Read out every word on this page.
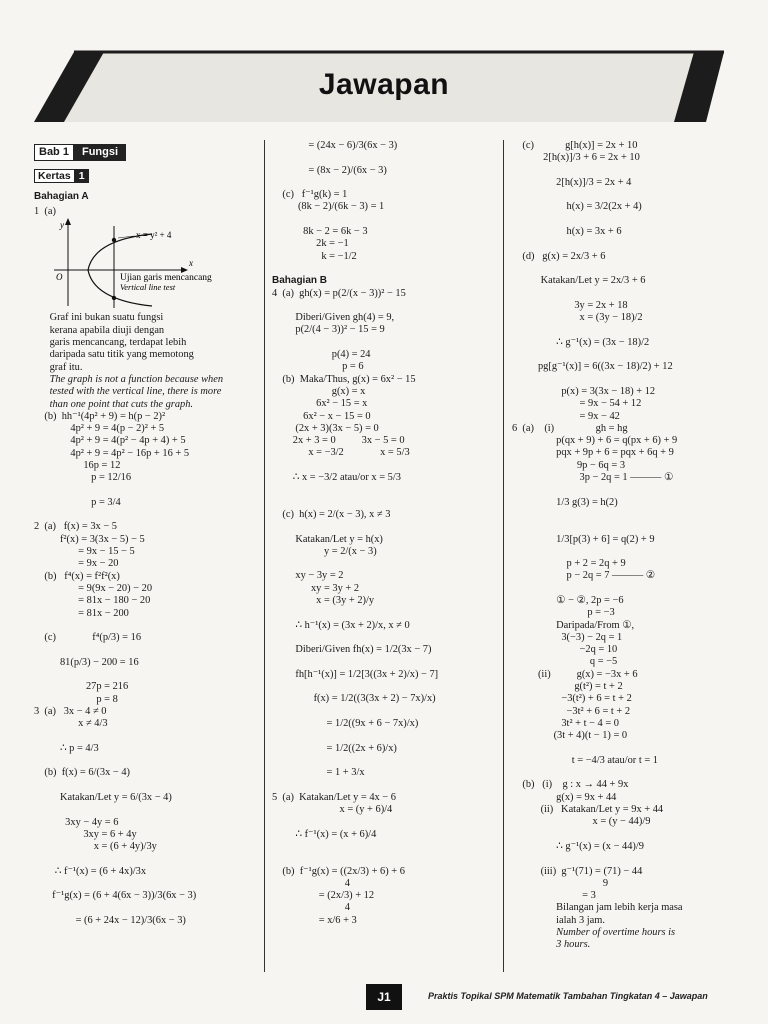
Jawapan
Bab 1	Fungsi
Kertas 1
Bahagian A
1  (a)
y
x
O
x = y² + 4
Ujian garis mencancang
Vertical line test
Graf ini bukan suatu fungsi
kerana apabila diuji dengan
garis mencancang, terdapat lebih
daripada satu titik yang memotong
graf itu.
The graph is not a function because when
tested with the vertical line, there is more
than one point that cuts the graph.
(b)  hh⁻¹(4p² + 9) = h(p − 2)²
4p² + 9 = 4(p − 2)² + 5
4p² + 9 = 4(p² − 4p + 4) + 5
4p² + 9 = 4p² − 16p + 16 + 5
16p = 12
p = 12/16
p = 3/4
2  (a)   f(x) = 3x − 5
f²(x) = 3(3x − 5) − 5
= 9x − 15 − 5
= 9x − 20
(b)   f⁴(x) = f²f²(x)
= 9(9x − 20) − 20
= 81x − 180 − 20
= 81x − 200
(c)              f⁴(p/3) = 16
81(p/3) − 200 = 16
27p = 216
p = 8
3  (a)   3x − 4 ≠ 0
x ≠ 4/3
∴ p = 4/3
(b)  f(x) = 6/(3x − 4)
Katakan/Let y = 6/(3x − 4)
3xy − 4y = 6
3xy = 6 + 4y
x = (6 + 4y)/3y
∴ f⁻¹(x) = (6 + 4x)/3x
f⁻¹g(x) = (6 + 4(6x − 3))/3(6x − 3)
= (6 + 24x − 12)/3(6x − 3)
= (24x − 6)/3(6x − 3)
= (8x − 2)/(6x − 3)
(c)   f⁻¹g(k) = 1
(8k − 2)/(6k − 3) = 1
8k − 2 = 6k − 3
2k = −1
k = −1/2
Bahagian B
4  (a)  gh(x) = p(2/(x − 3))² − 15
Diberi/Given gh(4) = 9,
p(2/(4 − 3))² − 15 = 9
p(4) = 24
p = 6
(b)  Maka/Thus, g(x) = 6x² − 15
g(x) = x
6x² − 15 = x
6x² − x − 15 = 0
(2x + 3)(3x − 5) = 0
2x + 3 = 0          3x − 5 = 0
x = −3/2              x = 5/3
∴ x = −3/2 atau/or x = 5/3
(c)  h(x) = 2/(x − 3), x ≠ 3
Katakan/Let y = h(x)
y = 2/(x − 3)
xy − 3y = 2
xy = 3y + 2
x = (3y + 2)/y
∴ h⁻¹(x) = (3x + 2)/x, x ≠ 0
Diberi/Given fh(x) = 1/2(3x − 7)
fh[h⁻¹(x)] = 1/2[3((3x + 2)/x) − 7]
f(x) = 1/2((3(3x + 2) − 7x)/x)
= 1/2((9x + 6 − 7x)/x)
= 1/2((2x + 6)/x)
= 1 + 3/x
5  (a)  Katakan/Let y = 4x − 6
x = (y + 6)/4
∴ f⁻¹(x) = (x + 6)/4
(b)  f⁻¹g(x) = ((2x/3) + 6) + 6
4
= (2x/3) + 12
4
= x/6 + 3
(c)            g[h(x)] = 2x + 10
2[h(x)]/3 + 6 = 2x + 10
2[h(x)]/3 = 2x + 4
h(x) = 3/2(2x + 4)
h(x) = 3x + 6
(d)   g(x) = 2x/3 + 6
Katakan/Let y = 2x/3 + 6
3y = 2x + 18
x = (3y − 18)/2
∴ g⁻¹(x) = (3x − 18)/2
pg[g⁻¹(x)] = 6((3x − 18)/2) + 12
p(x) = 3(3x − 18) + 12
= 9x − 54 + 12
= 9x − 42
6  (a)    (i)                gh = hg
p(qx + 9) + 6 = q(px + 6) + 9
pqx + 9p + 6 = pqx + 6q + 9
9p − 6q = 3
3p − 2q = 1 ——— ①
1/3 g(3) = h(2)
1/3[p(3) + 6] = q(2) + 9
p + 2 = 2q + 9
p − 2q = 7 ——— ②
① − ②, 2p = −6
p = −3
Daripada/From ①,
3(−3) − 2q = 1
−2q = 10
q = −5
(ii)          g(x) = −3x + 6
g(t²) = t + 2
−3(t²) + 6 = t + 2
−3t² + 6 = t + 2
3t² + t − 4 = 0
(3t + 4)(t − 1) = 0
t = −4/3 atau/or t = 1
(b)   (i)    g : x → 44 + 9x
g(x) = 9x + 44
(ii)   Katakan/Let y = 9x + 44
x = (y − 44)/9
∴ g⁻¹(x) = (x − 44)/9
(iii)  g⁻¹(71) = (71) − 44
9
= 3
Bilangan jam lebih kerja masa
ialah 3 jam.
Number of overtime hours is
3 hours.
J1	Praktis Topikal SPM Matematik Tambahan Tingkatan 4 – Jawapan
